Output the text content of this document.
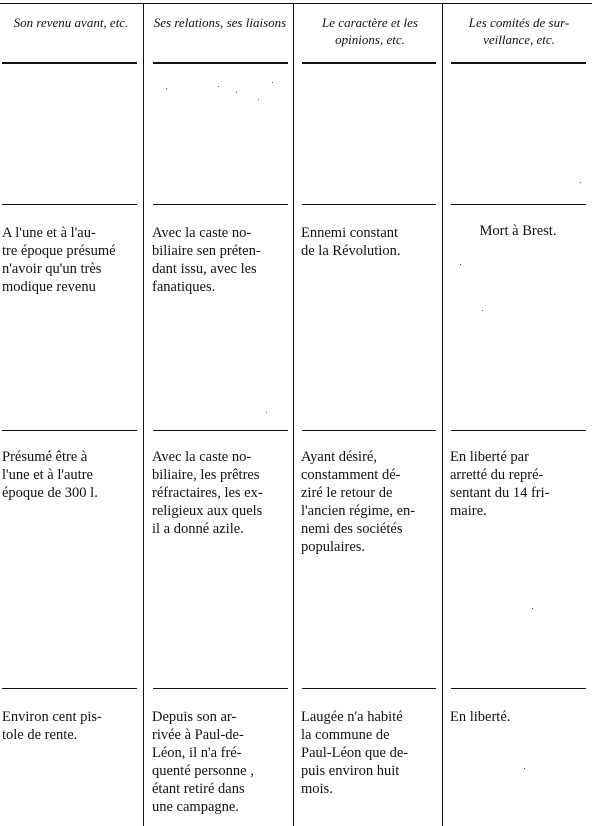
Son revenu avant, etc.	Ses relations, ses liaisons	Le caractère et les opinions, etc.
Les comités de sur- veillance, etc.
A l'une et à l'au-
tre époque présumé
n'avoir qu'un très
modique revenu
Avec la caste no-
biliaire sen préten-
dant issu, avec les
fanatiques.
Ennemi constant
de la Révolution.
Mort à Brest.
Présumé être à
l'une et à l'autre
époque de 300 l.
Avec la caste no-
biliaire, les prêtres
réfractaires, les ex-
religieux aux quels
il a donné azile.
Ayant désiré,
constamment dé-
ziré le retour de
l'ancien régime, en-
nemi des sociétés
populaires.
En liberté par
arretté du repré-
sentant du 14 fri-
maire.
Environ cent pis-
tole de rente.
Depuis son ar-
rivée à Paul-de-
Léon, il n'a fré-
quenté personne ,
étant retiré dans
une campagne.
Laugée n'a habité
la commune de
Paul-Léon que de-
puis environ huit
mois.
En liberté.
